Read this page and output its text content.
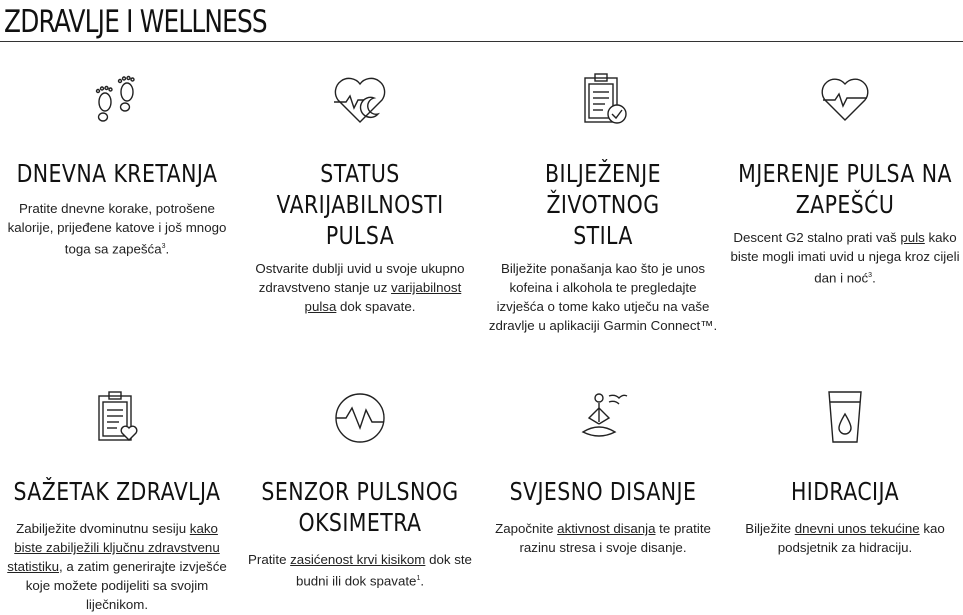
ZDRAVLJE I WELLNESS
DNEVNA KRETANJA
Pratite dnevne korake, potrošene kalorije, prijeđene katove i još mnogo toga sa zapešća$^3$.
STATUS
VARIJABILNOSTI PULSA
Ostvarite dublji uvid u svoje ukupno zdravstveno stanje uz varijabilnost pulsa dok spavate.
BILJEŽENJE ŽIVOTNOG
STILA
Bilježite ponašanja kao što je unos kofeina i alkohola te pregledajte izvješća o tome kako utječu na vaše zdravlje u aplikaciji Garmin Connect™.
MJERENJE PULSA NA
ZAPEŠĆU
Descent G2 stalno prati vaš puls kako biste mogli imati uvid u njega kroz cijeli dan i noć$^3$.
SAŽETAK ZDRAVLJA
Zabilježite dvominutnu sesiju kako biste zabilježili ključnu zdravstvenu statistiku, a zatim generirajte izvješće koje možete podijeliti sa svojim liječnikom.
SENZOR PULSNOG
OKSIMETRA
Pratite zasićenost krvi kisikom dok ste budni ili dok spavate$^1$.
SVJESNO DISANJE
Započnite aktivnost disanja te pratite razinu stresa i svoje disanje.
HIDRACIJA
Bilježite dnevni unos tekućine kao podsjetnik za hidraciju.
